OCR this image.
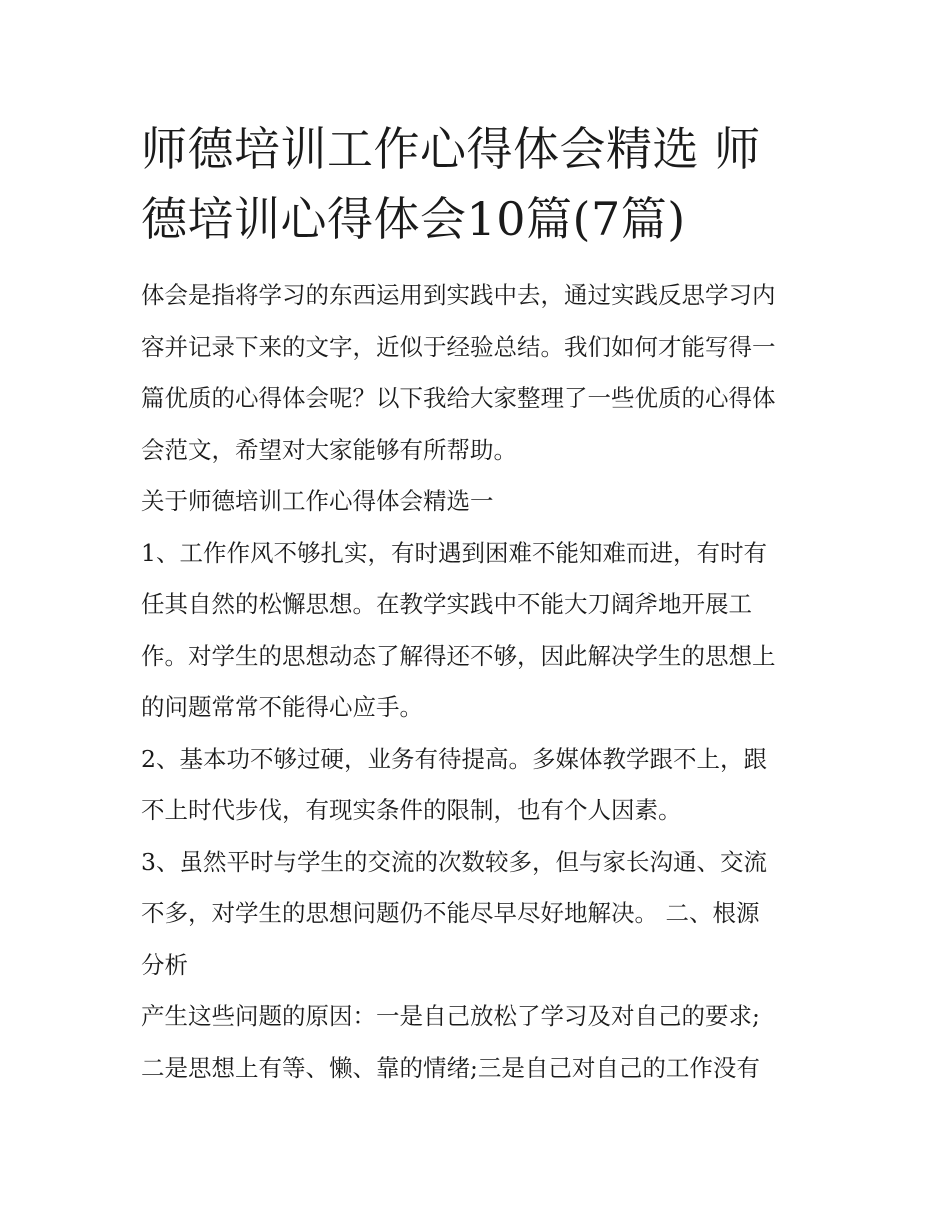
师德培训工作心得体会精选 师
德培训心得体会10篇(7篇)

体会是指将学习的东西运用到实践中去，通过实践反思学习内
容并记录下来的文字，近似于经验总结。我们如何才能写得一
篇优质的心得体会呢？以下我给大家整理了一些优质的心得体
会范文，希望对大家能够有所帮助。

关于师德培训工作心得体会精选一

1、工作作风不够扎实，有时遇到困难不能知难而进，有时有
任其自然的松懈思想。在教学实践中不能大刀阔斧地开展工
作。对学生的思想动态了解得还不够，因此解决学生的思想上
的问题常常不能得心应手。

2、基本功不够过硬，业务有待提高。多媒体教学跟不上，跟
不上时代步伐，有现实条件的限制，也有个人因素。

3、虽然平时与学生的交流的次数较多，但与家长沟通、交流
不多，对学生的思想问题仍不能尽早尽好地解决。 二、根源
分析

产生这些问题的原因：一是自己放松了学习及对自己的要求;
二是思想上有等、懒、靠的情绪;三是自己对自己的工作没有
